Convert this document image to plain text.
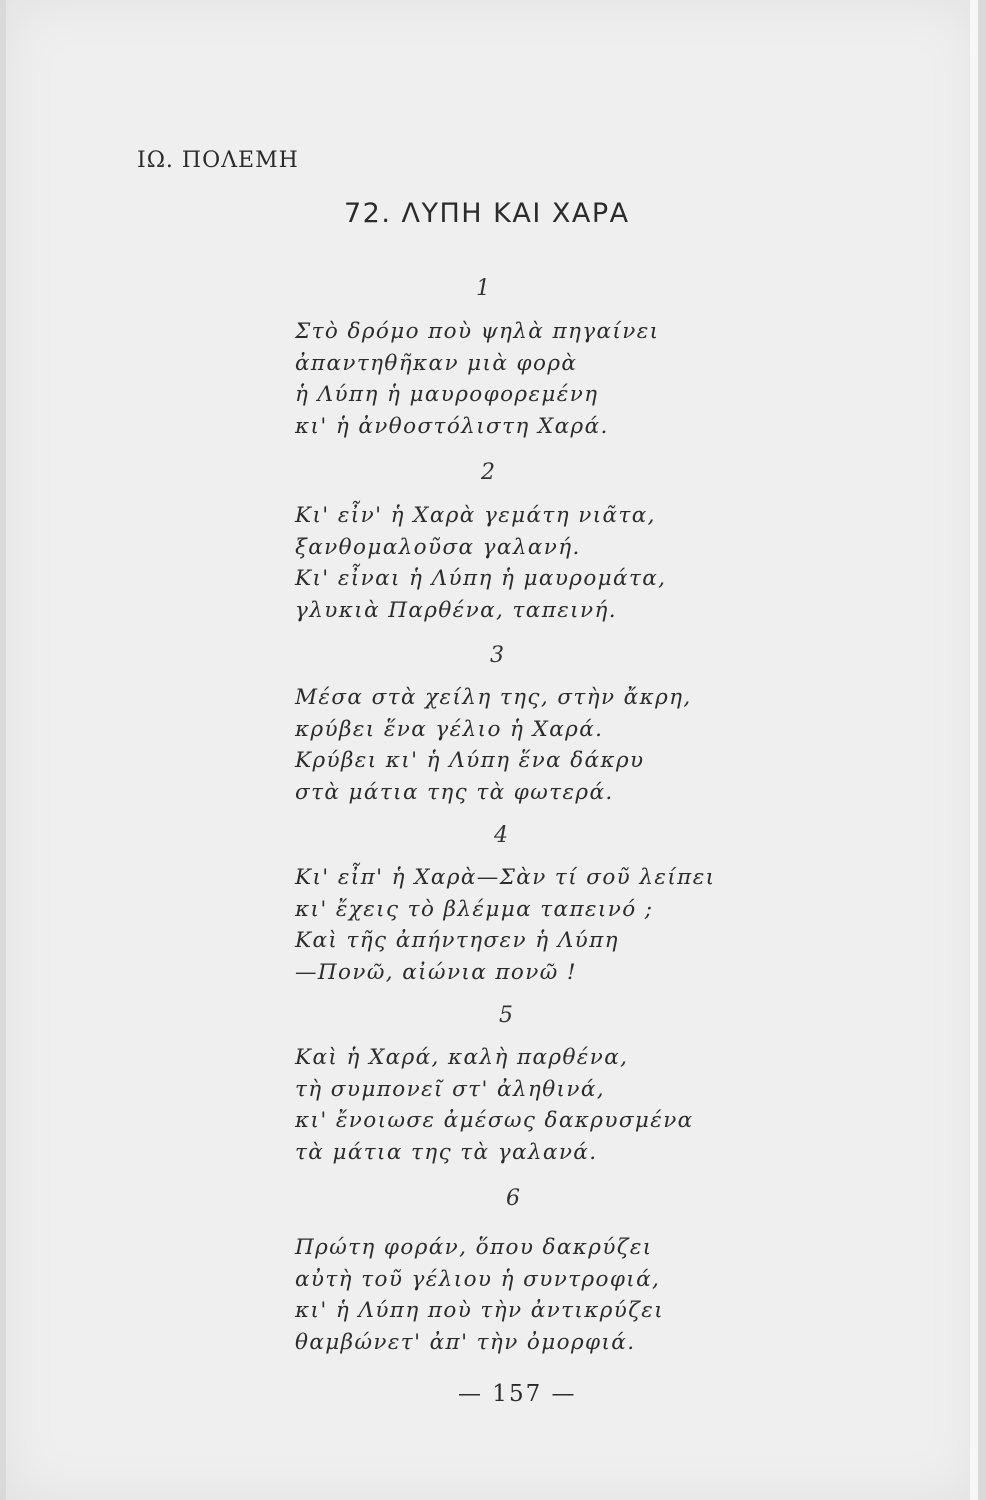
ΙΩ. ΠΟΛΕΜΗ
72. ΛΥΠΗ ΚΑΙ ΧΑΡΑ
1
Στὸ δρόμο ποὺ ψηλὰ πηγαίνει
ἀπαντηθῆκαν μιὰ φορὰ
ἡ Λύπη ἡ μαυροφορεμένη
κι' ἡ ἀνθοστόλιστη Χαρά.
2
Κι' εἶν' ἡ Χαρὰ γεμάτη νιᾶτα,
ξανθομαλοῦσα γαλανή.
Κι' εἶναι ἡ Λύπη ἡ μαυρομάτα,
γλυκιὰ Παρθένα, ταπεινή.
3
Μέσα στὰ χείλη της, στὴν ἄκρη,
κρύβει ἕνα γέλιο ἡ Χαρά.
Κρύβει κι' ἡ Λύπη ἕνα δάκρυ
στὰ μάτια της τὰ φωτερά.
4
Κι' εἶπ' ἡ Χαρὰ—Σὰν τί σοῦ λείπει
κι' ἔχεις τὸ βλέμμα ταπεινό ;
Καὶ τῆς ἀπήντησεν ἡ Λύπη
—Πονῶ, αἰώνια πονῶ !
5
Καὶ ἡ Χαρά, καλὴ παρθένα,
τὴ συμπονεῖ στ' ἀληθινά,
κι' ἔνοιωσε ἀμέσως δακρυσμένα
τὰ μάτια της τὰ γαλανά.
6
Πρώτη φοράν, ὅπου δακρύζει
αὐτὴ τοῦ γέλιου ἡ συντροφιά,
κι' ἡ Λύπη ποὺ τὴν ἀντικρύζει
θαμβώνετ' ἀπ' τὴν ὀμορφιά.
— 157 —
